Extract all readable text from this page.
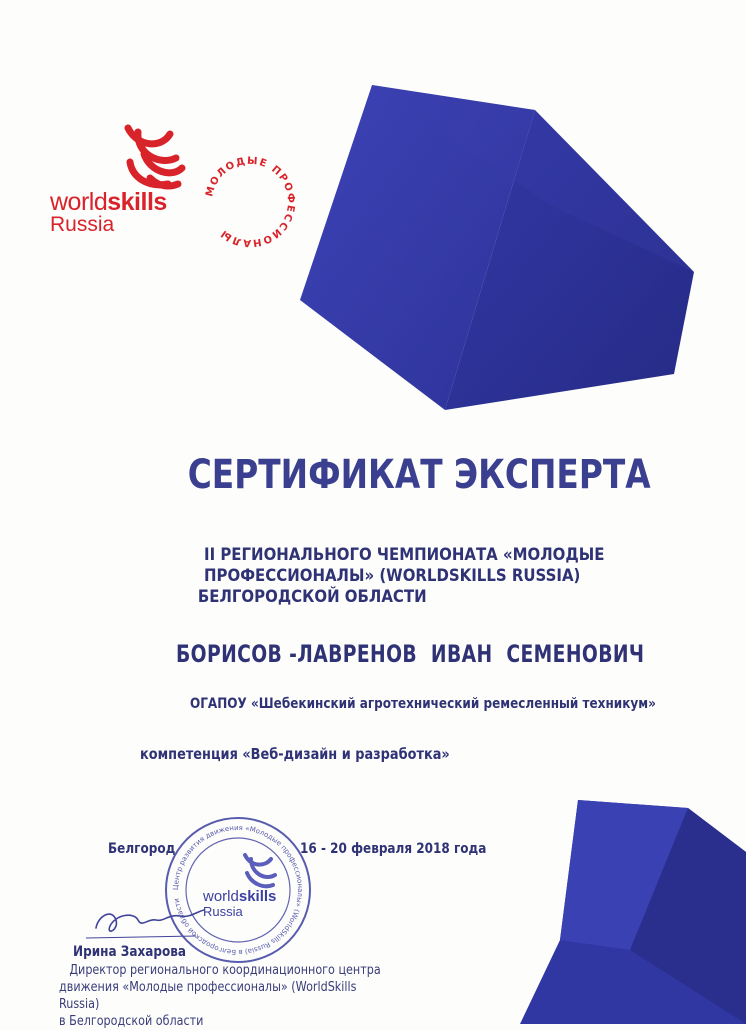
worldskills
Russia
МОЛОДЫЕ ПРОФЕССИОНАЛЫ
СЕРТИФИКАТ ЭКСПЕРТА
II РЕГИОНАЛЬНОГО ЧЕМПИОНАТА «МОЛОДЫЕ
ПРОФЕССИОНАЛЫ» (WORLDSKILLS RUSSIA)
БЕЛГОРОДСКОЙ ОБЛАСТИ
БОРИСОВ -ЛАВРЕНОВ  ИВАН  СЕМЕНОВИЧ
ОГАПОУ «Шебекинский агротехнический ремесленный техникум»
компетенция «Веб-дизайн и разработка»
Белгород	16 - 20 февраля 2018 года
Центр развития движения «Молодые профессионалы» (WorldSkills Russia) в Белгородской области	worldskills
Russia
Ирина Захарова
Директор регионального координационного центра
движения «Молодые профессионалы» (WorldSkills Russia)
в Белгородской области
